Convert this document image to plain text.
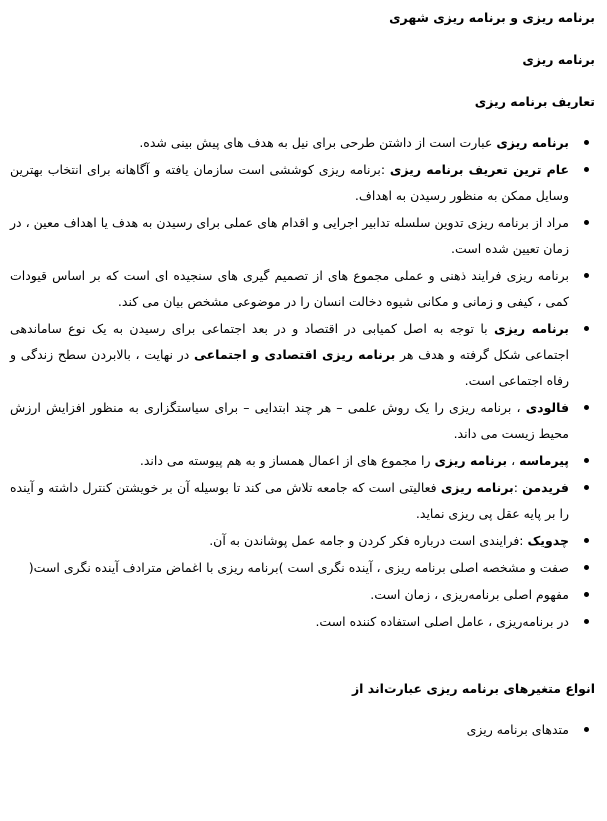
برنامه ریزی و برنامه ریزی شهری
برنامه ریزی
تعاریف برنامه ریزی
برنامه ریزی عبارت است از داشتن طرحی برای نیل به هدف های پیش بینی شده.
عام ترین تعریف برنامه ریزی :برنامه ریزی کوششی است سازمان یافته و آگاهانه برای انتخاب بهترین وسایل ممکن به منظور رسیدن به اهداف.
مراد از برنامه ریزی تدوین سلسله تدابیر اجرایی و اقدام های عملی برای رسیدن به هدف یا اهداف معین ، در زمان تعیین شده است.
برنامه ریزی فرایند ذهنی و عملی مجموع های از تصمیم گیری های سنجیده ای است که بر اساس قیودات کمی ، کیفی و زمانی و مکانی شیوه دخالت انسان را در موضوعی مشخص بیان می کند.
برنامه ریزی با توجه به اصل کمیابی در اقتصاد و در بعد اجتماعی برای رسیدن به یک نوع ساماندهی اجتماعی شکل گرفته و هدف هر برنامه ریزی اقتصادی و اجتماعی در نهایت ، بالابردن سطح زندگی و رفاه اجتماعی است.
فالودی ، برنامه ریزی را یک روش علمی – هر چند ابتدایی – برای سیاستگزاری به منظور افزایش ارزش محیط زیست می داند.
پیرماسه ، برنامه ریزی را مجموع های از اعمال همساز و به هم پیوسته می داند.
فریدمن :برنامه ریزی فعالیتی است که جامعه تلاش می کند تا بوسیله آن بر خویشتن کنترل داشته و آینده را بر پایه عقل پی ریزی نماید.
چدویک :فرایندی است درباره فکر کردن و جامه عمل پوشاندن به آن.
صفت و مشخصه اصلی برنامه ریزی ، آینده نگری است )برنامه ریزی با اغماض مترادف آینده نگری است(
مفهوم اصلی برنامه‌ریزی ، زمان است.
در برنامه‌ریزی ، عامل اصلی استفاده کننده است.
انواع متغیرهای برنامه ریزی عبارت‌اند از
متدهای برنامه ریزی
